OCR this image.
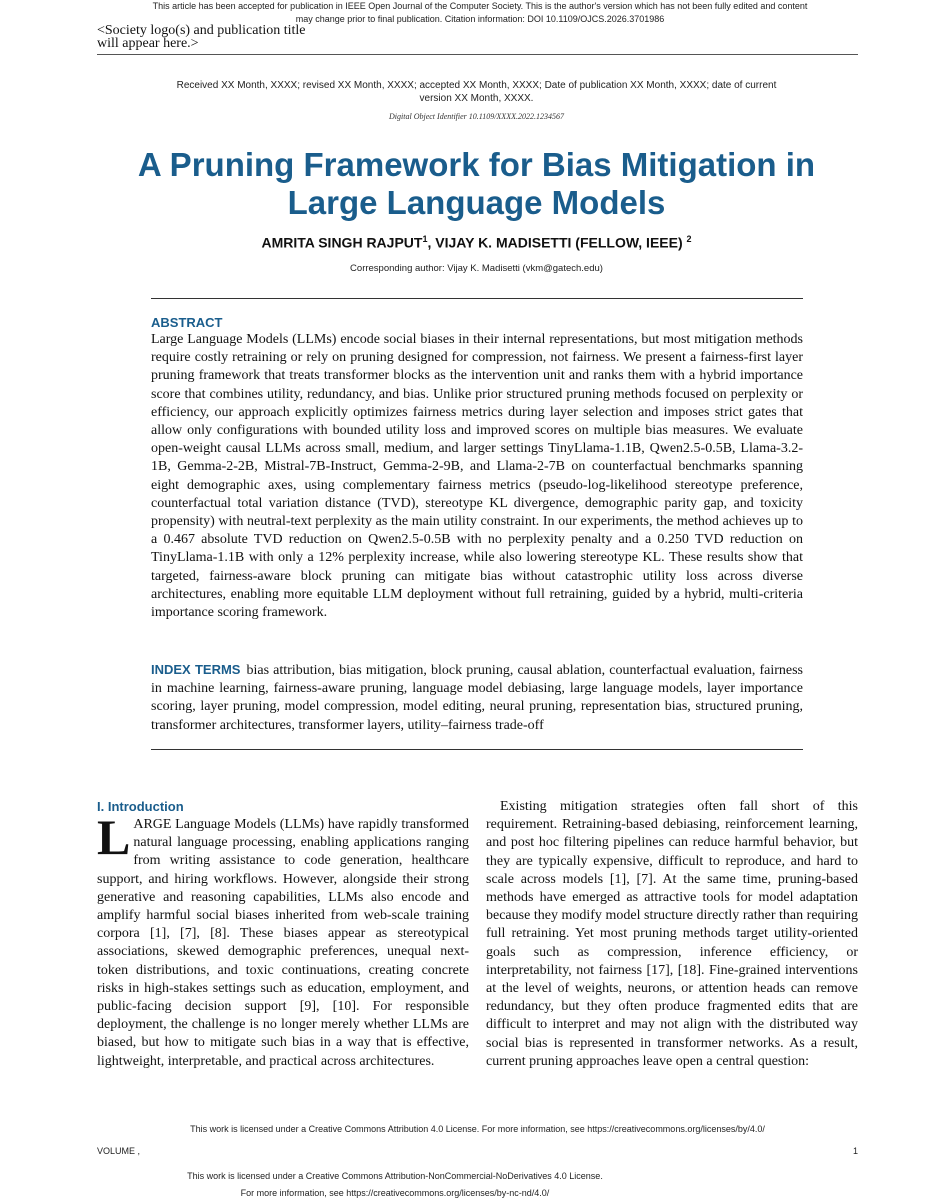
This article has been accepted for publication in IEEE Open Journal of the Computer Society. This is the author's version which has not been fully edited and content may change prior to final publication. Citation information: DOI 10.1109/OJCS.2026.3701986
<Society logo(s) and publication title will appear here.>
Received XX Month, XXXX; revised XX Month, XXXX; accepted XX Month, XXXX; Date of publication XX Month, XXXX; date of current version XX Month, XXXX.
Digital Object Identifier 10.1109/XXXX.2022.1234567
A Pruning Framework for Bias Mitigation in Large Language Models
AMRITA SINGH RAJPUT$^1$, VIJAY K. MADISETTI (FELLOW, IEEE) $^2$
Corresponding author: Vijay K. Madisetti (vkm@gatech.edu)
ABSTRACT

Large Language Models (LLMs) encode social biases in their internal representations, but most mitigation methods require costly retraining or rely on pruning designed for compression, not fairness. We present a fairness-first layer pruning framework that treats transformer blocks as the intervention unit and ranks them with a hybrid importance score that combines utility, redundancy, and bias. Unlike prior structured pruning methods focused on perplexity or efficiency, our approach explicitly optimizes fairness metrics during layer selection and imposes strict gates that allow only configurations with bounded utility loss and improved scores on multiple bias measures. We evaluate open-weight causal LLMs across small, medium, and larger settings TinyLlama-1.1B, Qwen2.5-0.5B, Llama-3.2-1B, Gemma-2-2B, Mistral-7B-Instruct, Gemma-2-9B, and Llama-2-7B on counterfactual benchmarks spanning eight demographic axes, using complementary fairness metrics (pseudo-log-likelihood stereotype preference, counterfactual total variation distance (TVD), stereotype KL divergence, demographic parity gap, and toxicity propensity) with neutral-text perplexity as the main utility constraint. In our experiments, the method achieves up to a 0.467 absolute TVD reduction on Qwen2.5-0.5B with no perplexity penalty and a 0.250 TVD reduction on TinyLlama-1.1B with only a 12% perplexity increase, while also lowering stereotype KL. These results show that targeted, fairness-aware block pruning can mitigate bias without catastrophic utility loss across diverse architectures, enabling more equitable LLM deployment without full retraining, guided by a hybrid, multi-criteria importance scoring framework.

INDEX TERMS bias attribution, bias mitigation, block pruning, causal ablation, counterfactual evaluation, fairness in machine learning, fairness-aware pruning, language model debiasing, large language models, layer importance scoring, layer pruning, model compression, model editing, neural pruning, representation bias, structured pruning, transformer architectures, transformer layers, utility–fairness trade-off

I. Introduction

LARGE Language Models (LLMs) have rapidly transformed natural language processing, enabling applications ranging from writing assistance to code generation, healthcare support, and hiring workflows. However, alongside their strong generative and reasoning capabilities, LLMs also encode and amplify harmful social biases inherited from web-scale training corpora [1], [7], [8]. These biases appear as stereotypical associations, skewed demographic preferences, unequal next-token distributions, and toxic continuations, creating concrete risks in high-stakes settings such as education, employment, and public-facing decision support [9], [10]. For responsible deployment, the challenge is no longer merely whether LLMs are biased, but how to mitigate such bias in a way that is effective, lightweight, interpretable, and practical across architectures.

Existing mitigation strategies often fall short of this requirement. Retraining-based debiasing, reinforcement learning, and post hoc filtering pipelines can reduce harmful behavior, but they are typically expensive, difficult to reproduce, and hard to scale across models [1], [7]. At the same time, pruning-based methods have emerged as attractive tools for model adaptation because they modify model structure directly rather than requiring full retraining. Yet most pruning methods target utility-oriented goals such as compression, inference efficiency, or interpretability, not fairness [17], [18]. Fine-grained interventions at the level of weights, neurons, or attention heads can remove redundancy, but they often produce fragmented edits that are difficult to interpret and may not align with the distributed way social bias is represented in transformer networks. As a result, current pruning approaches leave open a central question:

This work is licensed under a Creative Commons Attribution 4.0 License. For more information, see https://creativecommons.org/licenses/by/4.0/
VOLUME ,	1
This work is licensed under a Creative Commons Attribution-NonCommercial-NoDerivatives 4.0 License.
For more information, see https://creativecommons.org/licenses/by-nc-nd/4.0/
